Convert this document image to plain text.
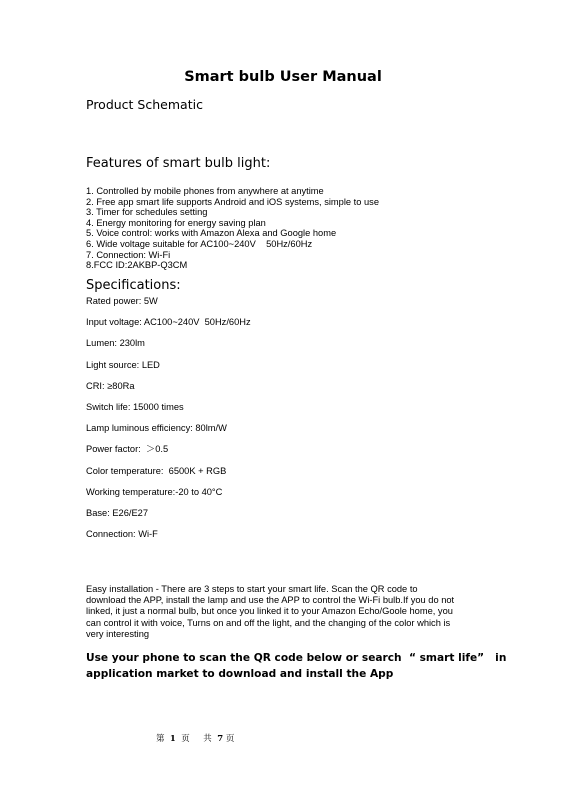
Smart bulb User Manual
Product Schematic
Features of smart bulb light:
1. Controlled by mobile phones from anywhere at anytime
2. Free app smart life supports Android and iOS systems, simple to use
3. Timer for schedules setting
4. Energy monitoring for energy saving plan
5. Voice control: works with Amazon Alexa and Google home
6. Wide voltage suitable for AC100~240V    50Hz/60Hz
7. Connection: Wi-Fi
8.FCC ID:2AKBP-Q3CM
Specifications:
Rated power: 5W
Input voltage: AC100~240V  50Hz/60Hz
Lumen: 230lm
Light source: LED
CRI: ≥80Ra
Switch life: 15000 times
Lamp luminous efficiency: 80lm/W
Power factor:  ＞0.5
Color temperature:  6500K + RGB
Working temperature:-20 to 40°C
Base: E26/E27
Connection: Wi-F
Easy installation - There are 3 steps to start your smart life. Scan the QR code to
download the APP, install the lamp and use the APP to control the Wi-Fi bulb.If you do not
linked, it just a normal bulb, but once you linked it to your Amazon Echo/Goole home, you
can control it with voice, Turns on and off the light, and the changing of the color which is
very interesting
Use your phone to scan the QR code below or search  “ smart life”   in
application market to download and install the App
第 1 页 共 7 页
